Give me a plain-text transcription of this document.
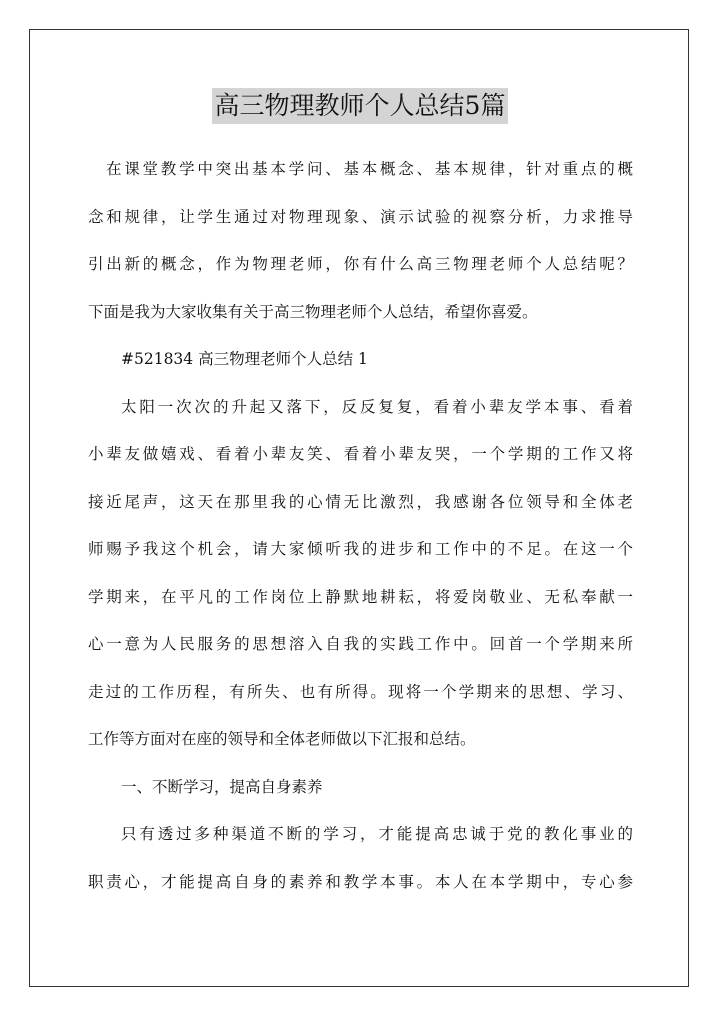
高三物理教师个人总结5篇
在课堂教学中突出基本学问、基本概念、基本规律，针对重点的概
念和规律，让学生通过对物理现象、演示试验的视察分析，力求推导
引出新的概念，作为物理老师，你有什么高三物理老师个人总结呢？
下面是我为大家收集有关于高三物理老师个人总结，希望你喜爱。
#521834 高三物理老师个人总结 1
太阳一次次的升起又落下，反反复复，看着小辈友学本事、看着
小辈友做嬉戏、看着小辈友笑、看着小辈友哭，一个学期的工作又将
接近尾声，这天在那里我的心情无比激烈，我感谢各位领导和全体老
师赐予我这个机会，请大家倾听我的进步和工作中的不足。在这一个
学期来，在平凡的工作岗位上静默地耕耘，将爱岗敬业、无私奉献一
心一意为人民服务的思想溶入自我的实践工作中。回首一个学期来所
走过的工作历程，有所失、也有所得。现将一个学期来的思想、学习、
工作等方面对在座的领导和全体老师做以下汇报和总结。
一、不断学习，提高自身素养
只有透过多种渠道不断的学习，才能提高忠诚于党的教化事业的
职责心，才能提高自身的素养和教学本事。本人在本学期中，专心参
